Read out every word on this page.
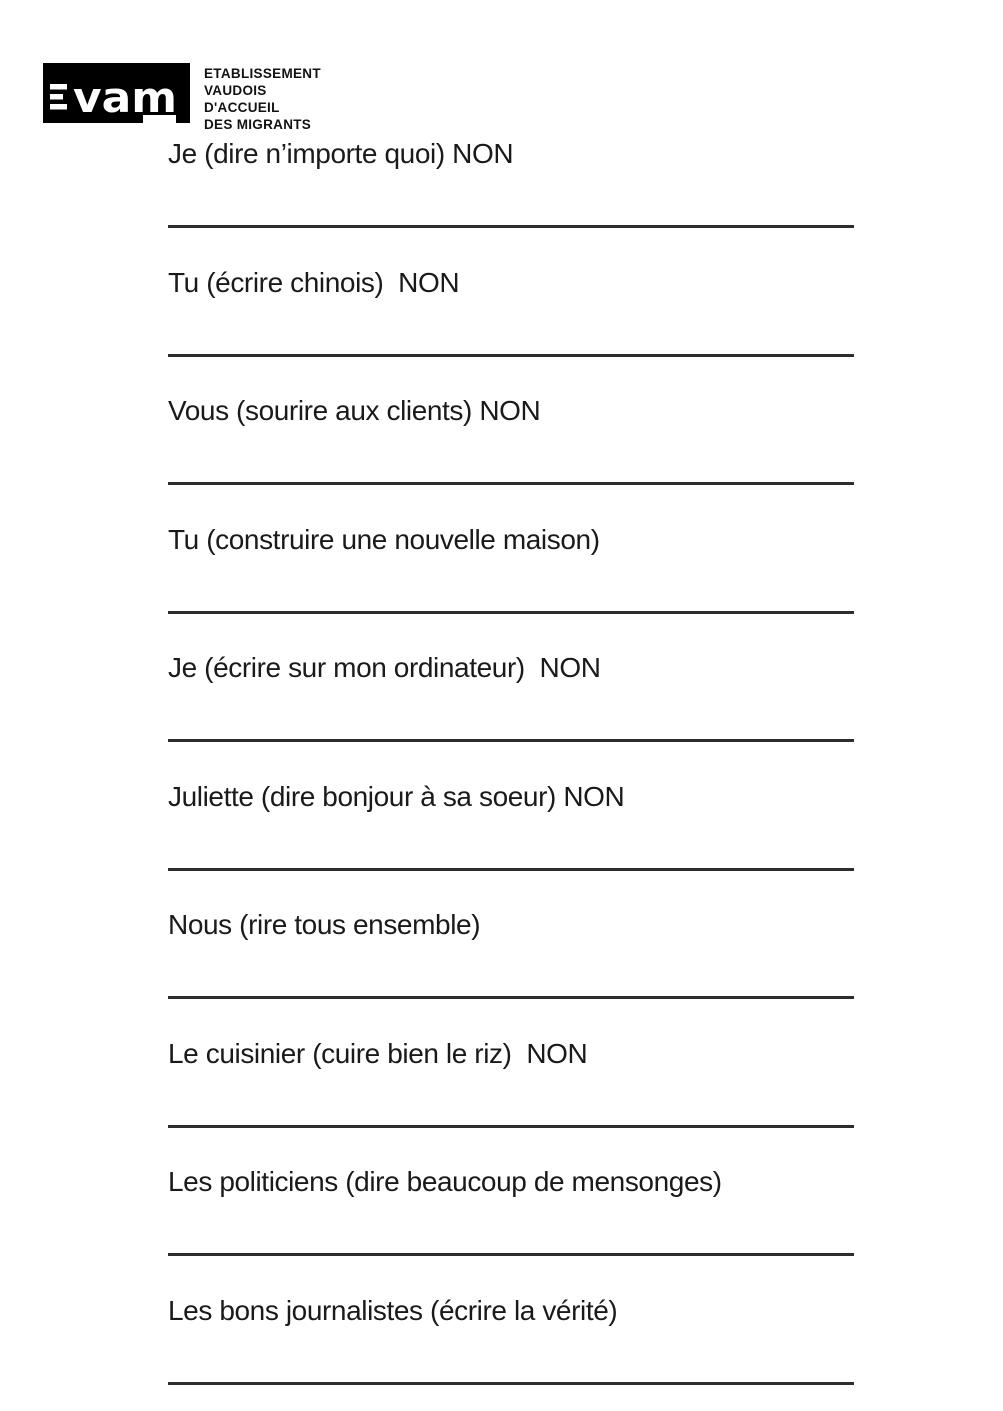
vam ETABLISSEMENT
VAUDOIS
D'ACCUEIL
DES MIGRANTS

Je (dire n’importe quoi) NON

Tu (écrire chinois)  NON

Vous (sourire aux clients) NON

Tu (construire une nouvelle maison)

Je (écrire sur mon ordinateur)  NON

Juliette (dire bonjour à sa soeur) NON

Nous (rire tous ensemble)

Le cuisinier (cuire bien le riz)  NON

Les politiciens (dire beaucoup de mensonges)

Les bons journalistes (écrire la vérité)
